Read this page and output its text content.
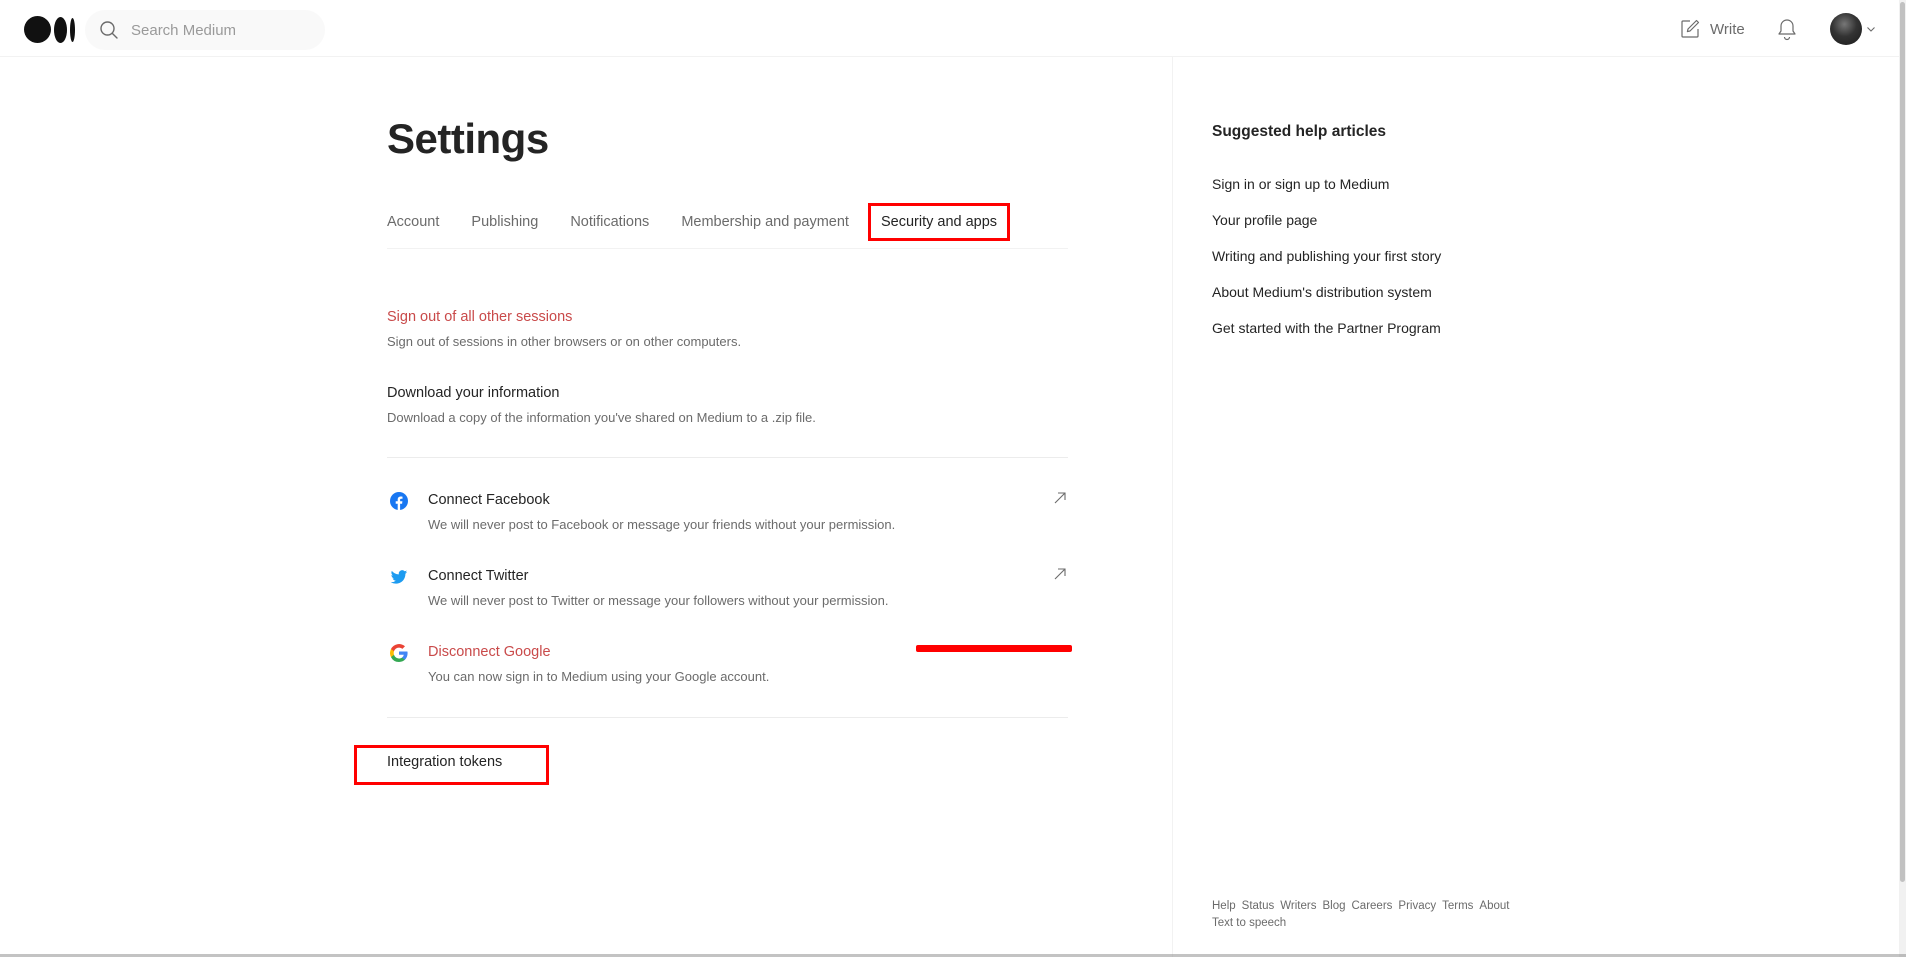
Search Medium
Write
Settings
Account Publishing Notifications Membership and payment	Security and apps
Sign out of all other sessions
Sign out of sessions in other browsers or on other computers.
Download your information
Download a copy of the information you've shared on Medium to a .zip file.
Connect Facebook
We will never post to Facebook or message your friends without your permission.
Connect Twitter
We will never post to Twitter or message your followers without your permission.
Disconnect Google
You can now sign in to Medium using your Google account.
Integration tokens
Suggested help articles
Sign in or sign up to Medium
Your profile page
Writing and publishing your first story
About Medium's distribution system
Get started with the Partner Program
Help Status Writers Blog Careers Privacy Terms About
Text to speech
